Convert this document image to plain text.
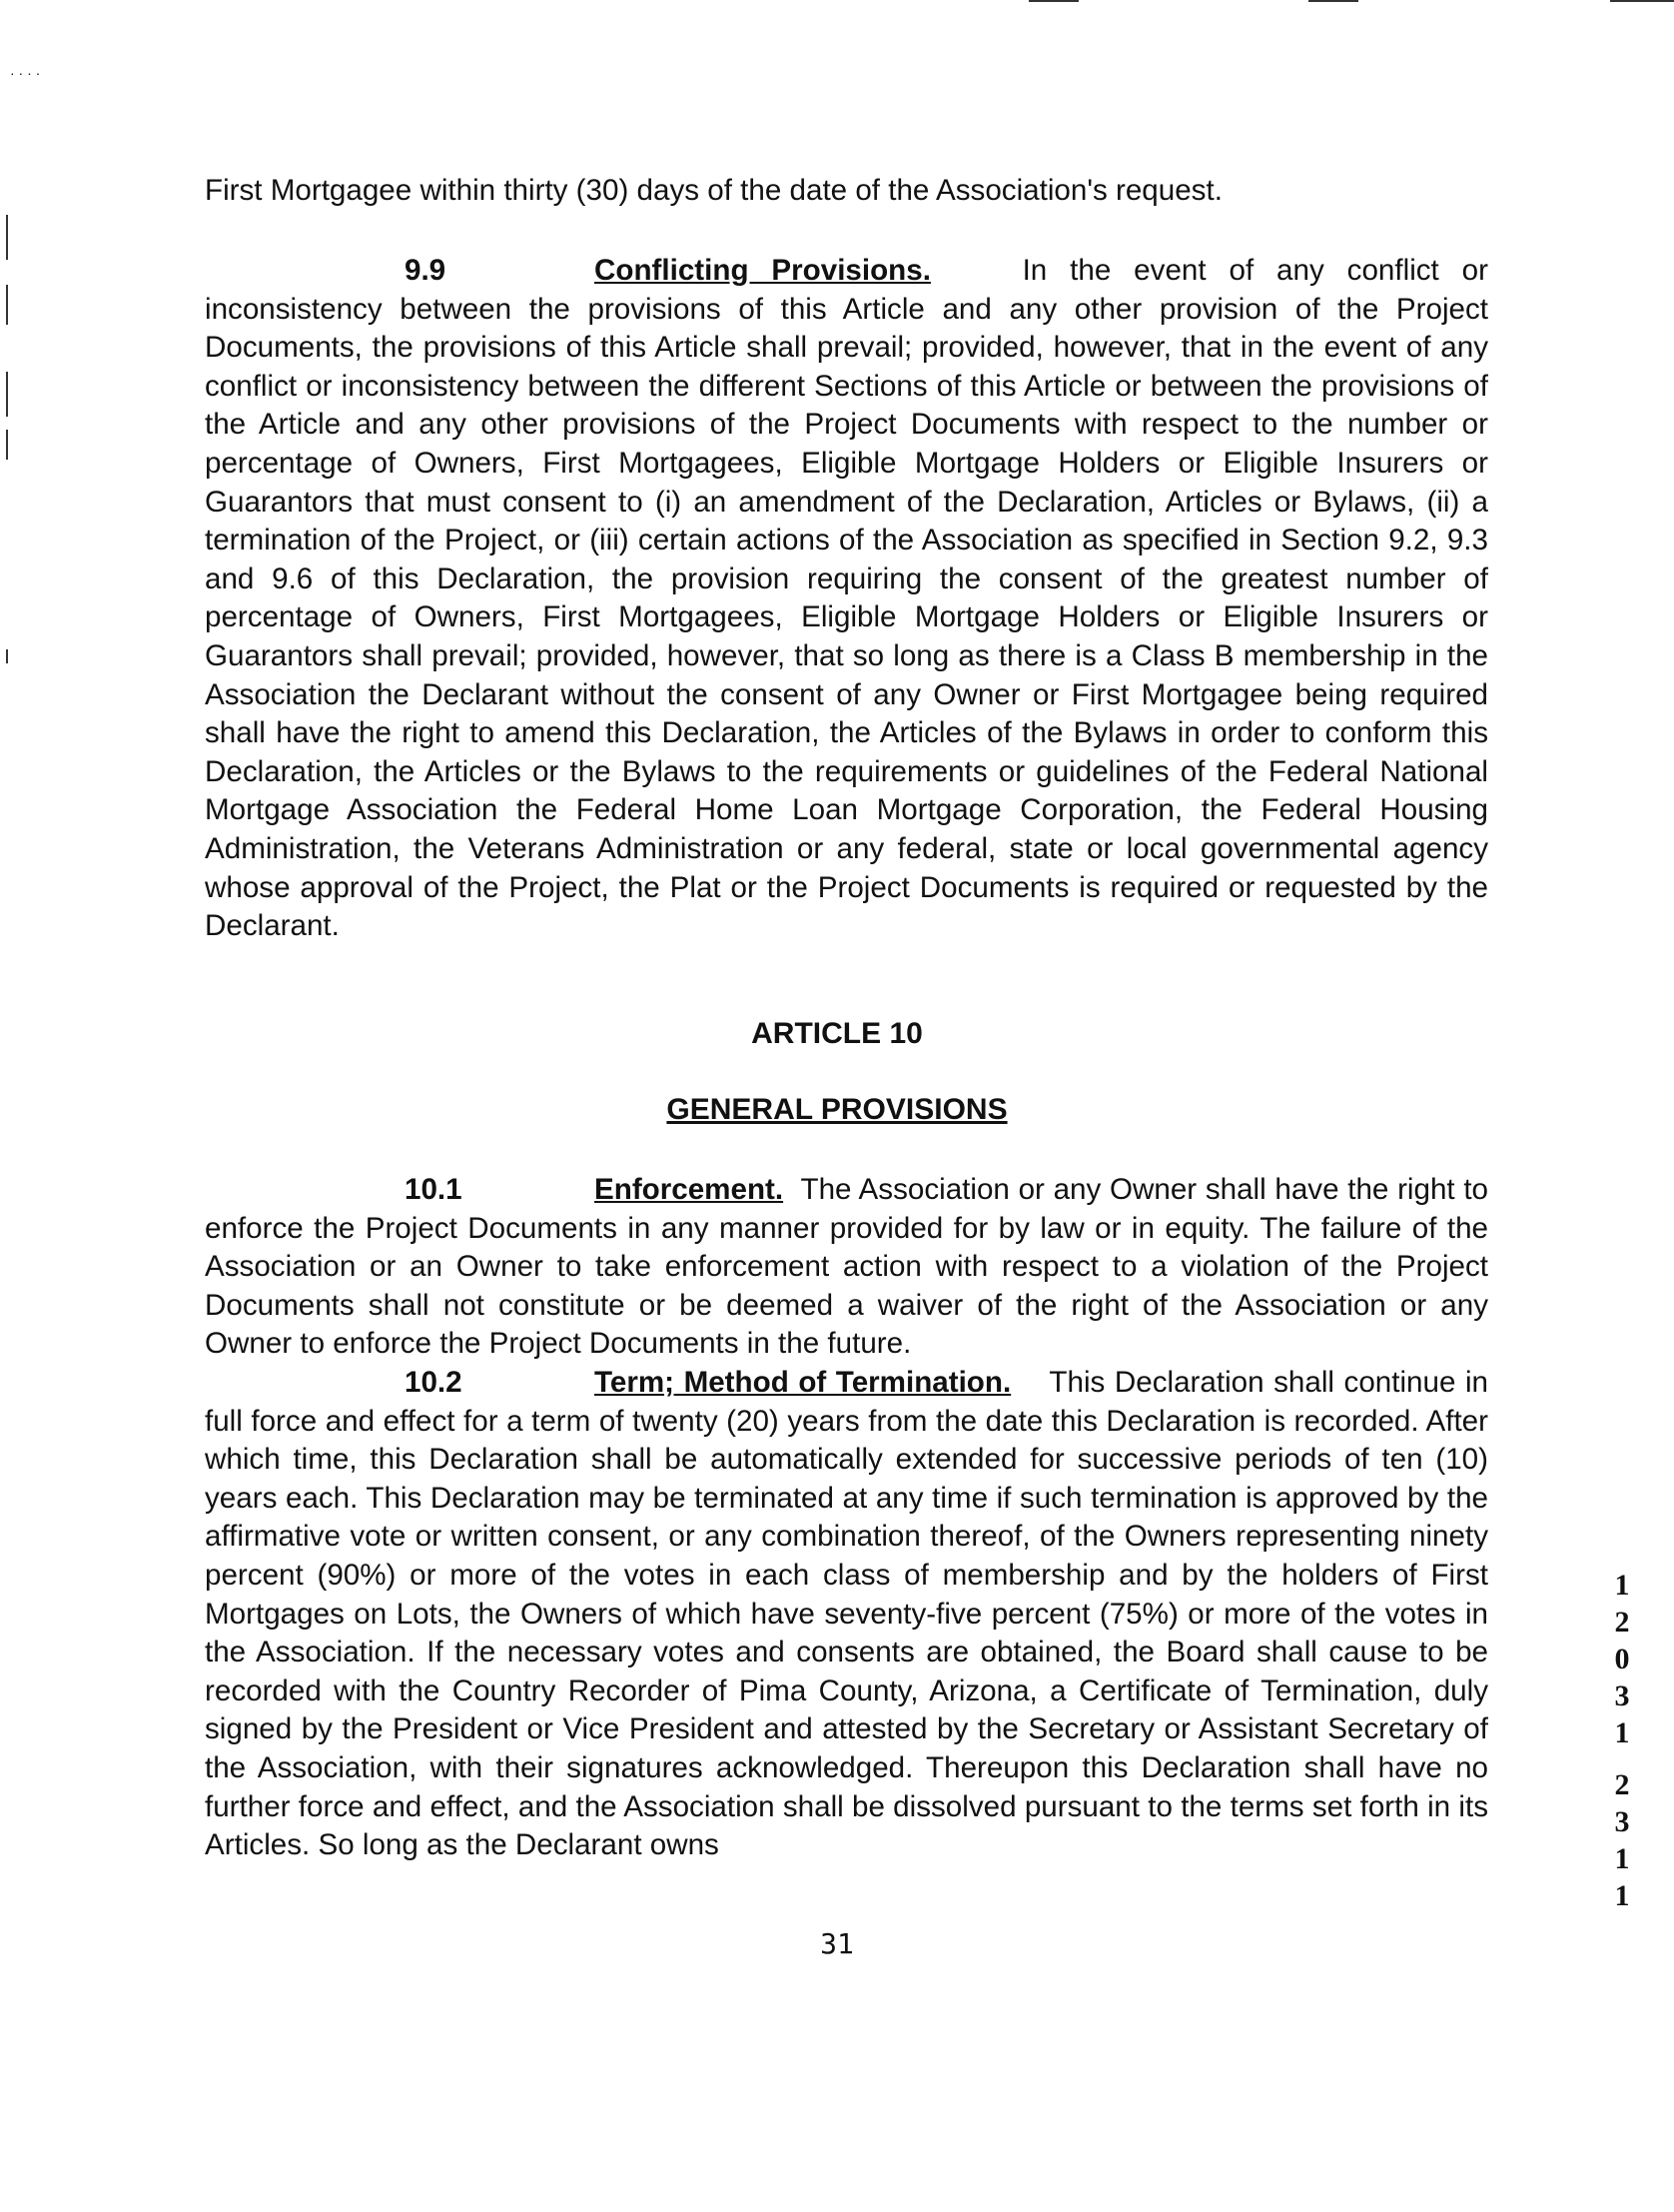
· · · ·

First Mortgagee within thirty (30) days of the date of the Association's request.

9.9	Conflicting Provisions.	In the event of any conflict or inconsistency between the provisions of this Article and any other provision of the Project Documents, the provisions of this Article shall prevail; provided, however, that in the event of any conflict or inconsistency between the different Sections of this Article or between the provisions of the Article and any other provisions of the Project Documents with respect to the number or percentage of Owners, First Mortgagees, Eligible Mortgage Holders or Eligible Insurers or Guarantors that must consent to (i) an amendment of the Declaration, Articles or Bylaws, (ii) a termination of the Project, or (iii) certain actions of the Association as specified in Section 9.2, 9.3 and 9.6 of this Declaration, the provision requiring the consent of the greatest number of percentage of Owners, First Mortgagees, Eligible Mortgage Holders or Eligible Insurers or Guarantors shall prevail; provided, however, that so long as there is a Class B membership in the Association the Declarant without the consent of any Owner or First Mortgagee being required shall have the right to amend this Declaration, the Articles of the Bylaws in order to conform this Declaration, the Articles or the Bylaws to the requirements or guidelines of the Federal National Mortgage Association the Federal Home Loan Mortgage Corporation, the Federal Housing Administration, the Veterans Administration or any federal, state or local governmental agency whose approval of the Project, the Plat or the Project Documents is required or requested by the Declarant.

ARTICLE 10
GENERAL PROVISIONS

10.1	Enforcement. The Association or any Owner shall have the right to enforce the Project Documents in any manner provided for by law or in equity. The failure of the Association or an Owner to take enforcement action with respect to a violation of the Project Documents shall not constitute or be deemed a waiver of the right of the Association or any Owner to enforce the Project Documents in the future.

10.2	Term; Method of Termination. This Declaration shall continue in full force and effect for a term of twenty (20) years from the date this Declaration is recorded. After which time, this Declaration shall be automatically extended for successive periods of ten (10) years each. This Declaration may be terminated at any time if such termination is approved by the affirmative vote or written consent, or any combination thereof, of the Owners representing ninety percent (90%) or more of the votes in each class of membership and by the holders of First Mortgages on Lots, the Owners of which have seventy-five percent (75%) or more of the votes in the Association. If the necessary votes and consents are obtained, the Board shall cause to be recorded with the Country Recorder of Pima County, Arizona, a Certificate of Termination, duly signed by the President or Vice President and attested by the Secretary or Assistant Secretary of the Association, with their signatures acknowledged. Thereupon this Declaration shall have no further force and effect, and the Association shall be dissolved pursuant to the terms set forth in its Articles. So long as the Declarant owns

31
1
2
0
3
1
2
3
1
1
